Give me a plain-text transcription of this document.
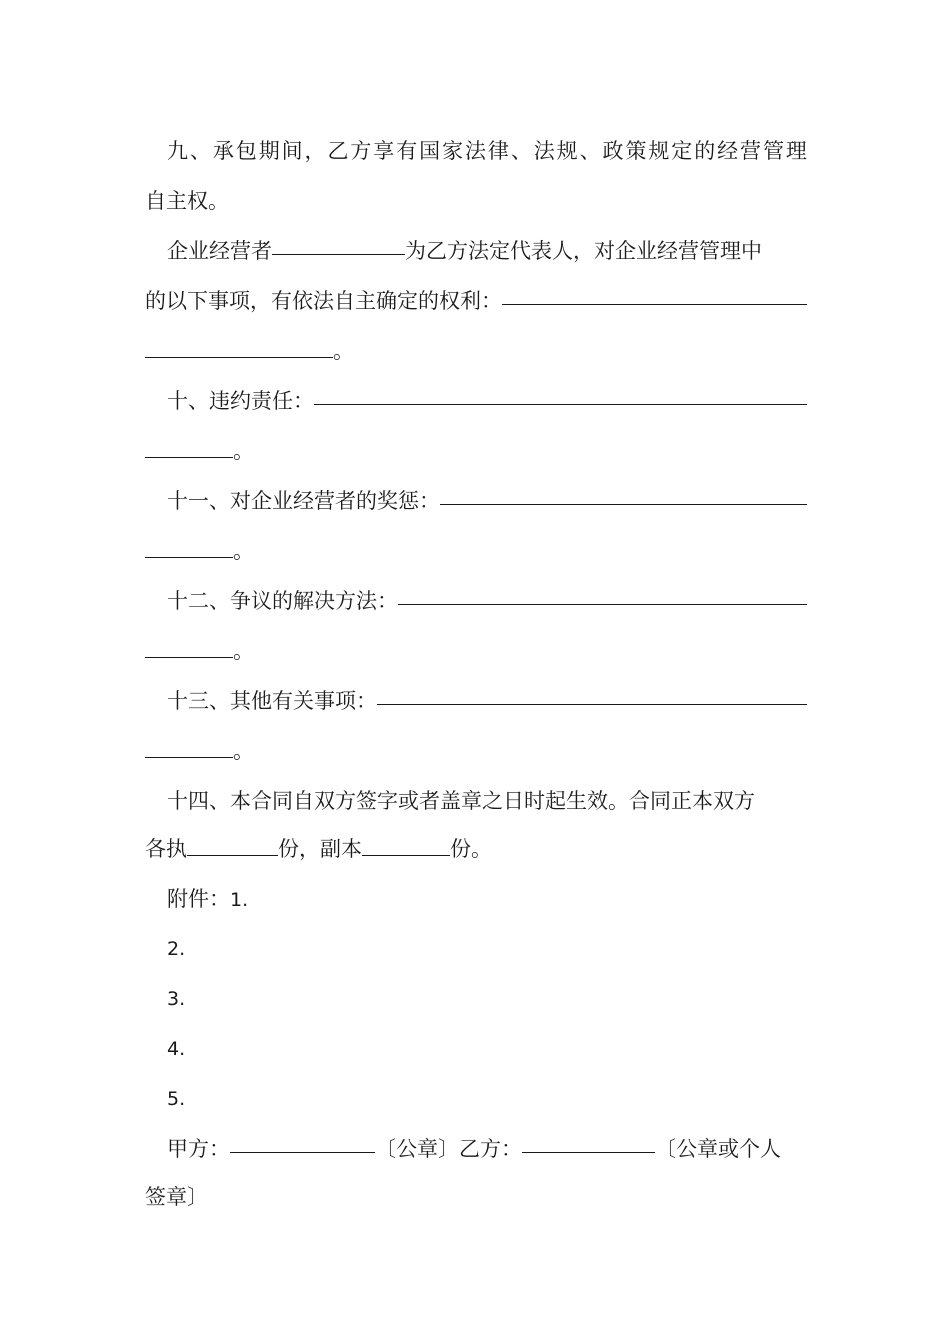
九 、 承 包 期 间 ， 乙 方 享 有 国 家 法 律 、 法 规 、 政 策 规 定 的 经 营 管 理
自主权。
企业经营者	为乙方法定代表人，对企业经营管理中
的以下事项，有依法自主确定的权利：
。
十、违约责任：
。
十一、对企业经营者的奖惩：
。
十二、争议的解决方法：
。
十三、其他有关事项：
。
十四、本合同自双方签字或者盖章之日时起生效。合同正本双方
各执	份，副本	份。
附件：1.
2.
3.
4.
5.
甲方：	〔公章〕乙方：	〔公章或个人
签章〕
